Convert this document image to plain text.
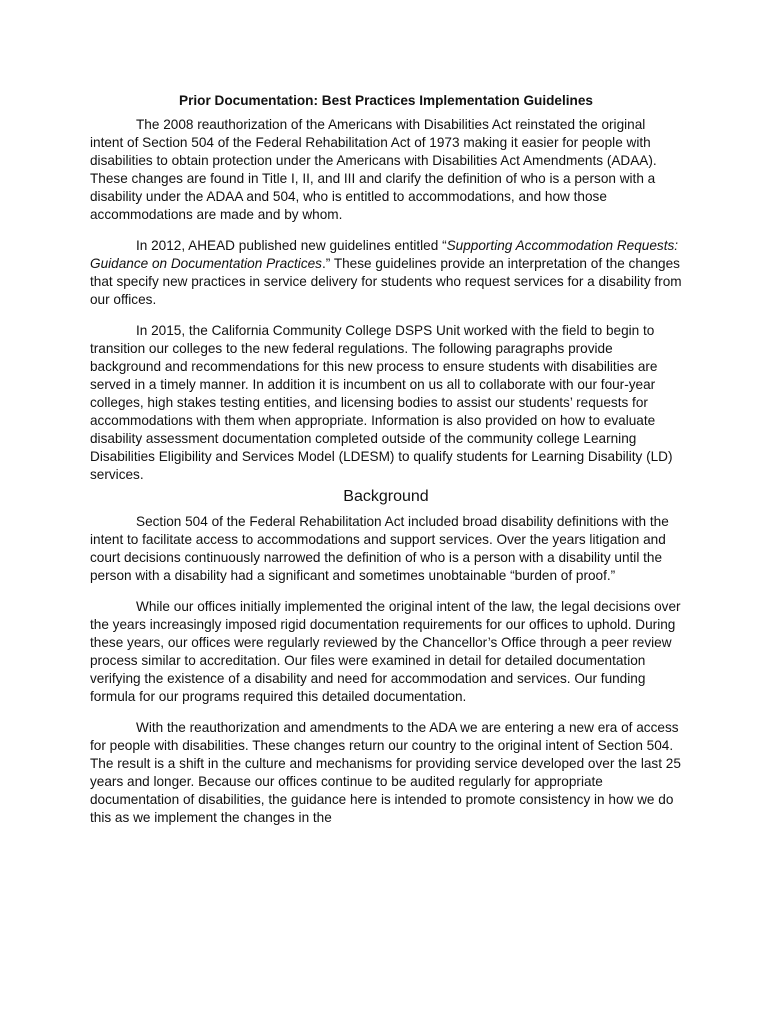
Prior Documentation: Best Practices Implementation Guidelines

The 2008 reauthorization of the Americans with Disabilities Act reinstated the original intent of Section 504 of the Federal Rehabilitation Act of 1973 making it easier for people with disabilities to obtain protection under the Americans with Disabilities Act Amendments (ADAA). These changes are found in Title I, II, and III and clarify the definition of who is a person with a disability under the ADAA and 504, who is entitled to accommodations, and how those accommodations are made and by whom.

In 2012, AHEAD published new guidelines entitled “Supporting Accommodation Requests: Guidance on Documentation Practices.” These guidelines provide an interpretation of the changes that specify new practices in service delivery for students who request services for a disability from our offices.

In 2015, the California Community College DSPS Unit worked with the field to begin to transition our colleges to the new federal regulations. The following paragraphs provide background and recommendations for this new process to ensure students with disabilities are served in a timely manner. In addition it is incumbent on us all to collaborate with our four-year colleges, high stakes testing entities, and licensing bodies to assist our students’ requests for accommodations with them when appropriate. Information is also provided on how to evaluate disability assessment documentation completed outside of the community college Learning Disabilities Eligibility and Services Model (LDESM) to qualify students for Learning Disability (LD) services.

Background

Section 504 of the Federal Rehabilitation Act included broad disability definitions with the intent to facilitate access to accommodations and support services. Over the years litigation and court decisions continuously narrowed the definition of who is a person with a disability until the person with a disability had a significant and sometimes unobtainable “burden of proof.”

While our offices initially implemented the original intent of the law, the legal decisions over the years increasingly imposed rigid documentation requirements for our offices to uphold. During these years, our offices were regularly reviewed by the Chancellor’s Office through a peer review process similar to accreditation. Our files were examined in detail for detailed documentation verifying the existence of a disability and need for accommodation and services. Our funding formula for our programs required this detailed documentation.

With the reauthorization and amendments to the ADA we are entering a new era of access for people with disabilities. These changes return our country to the original intent of Section 504. The result is a shift in the culture and mechanisms for providing service developed over the last 25 years and longer. Because our offices continue to be audited regularly for appropriate documentation of disabilities, the guidance here is intended to promote consistency in how we do this as we implement the changes in the
